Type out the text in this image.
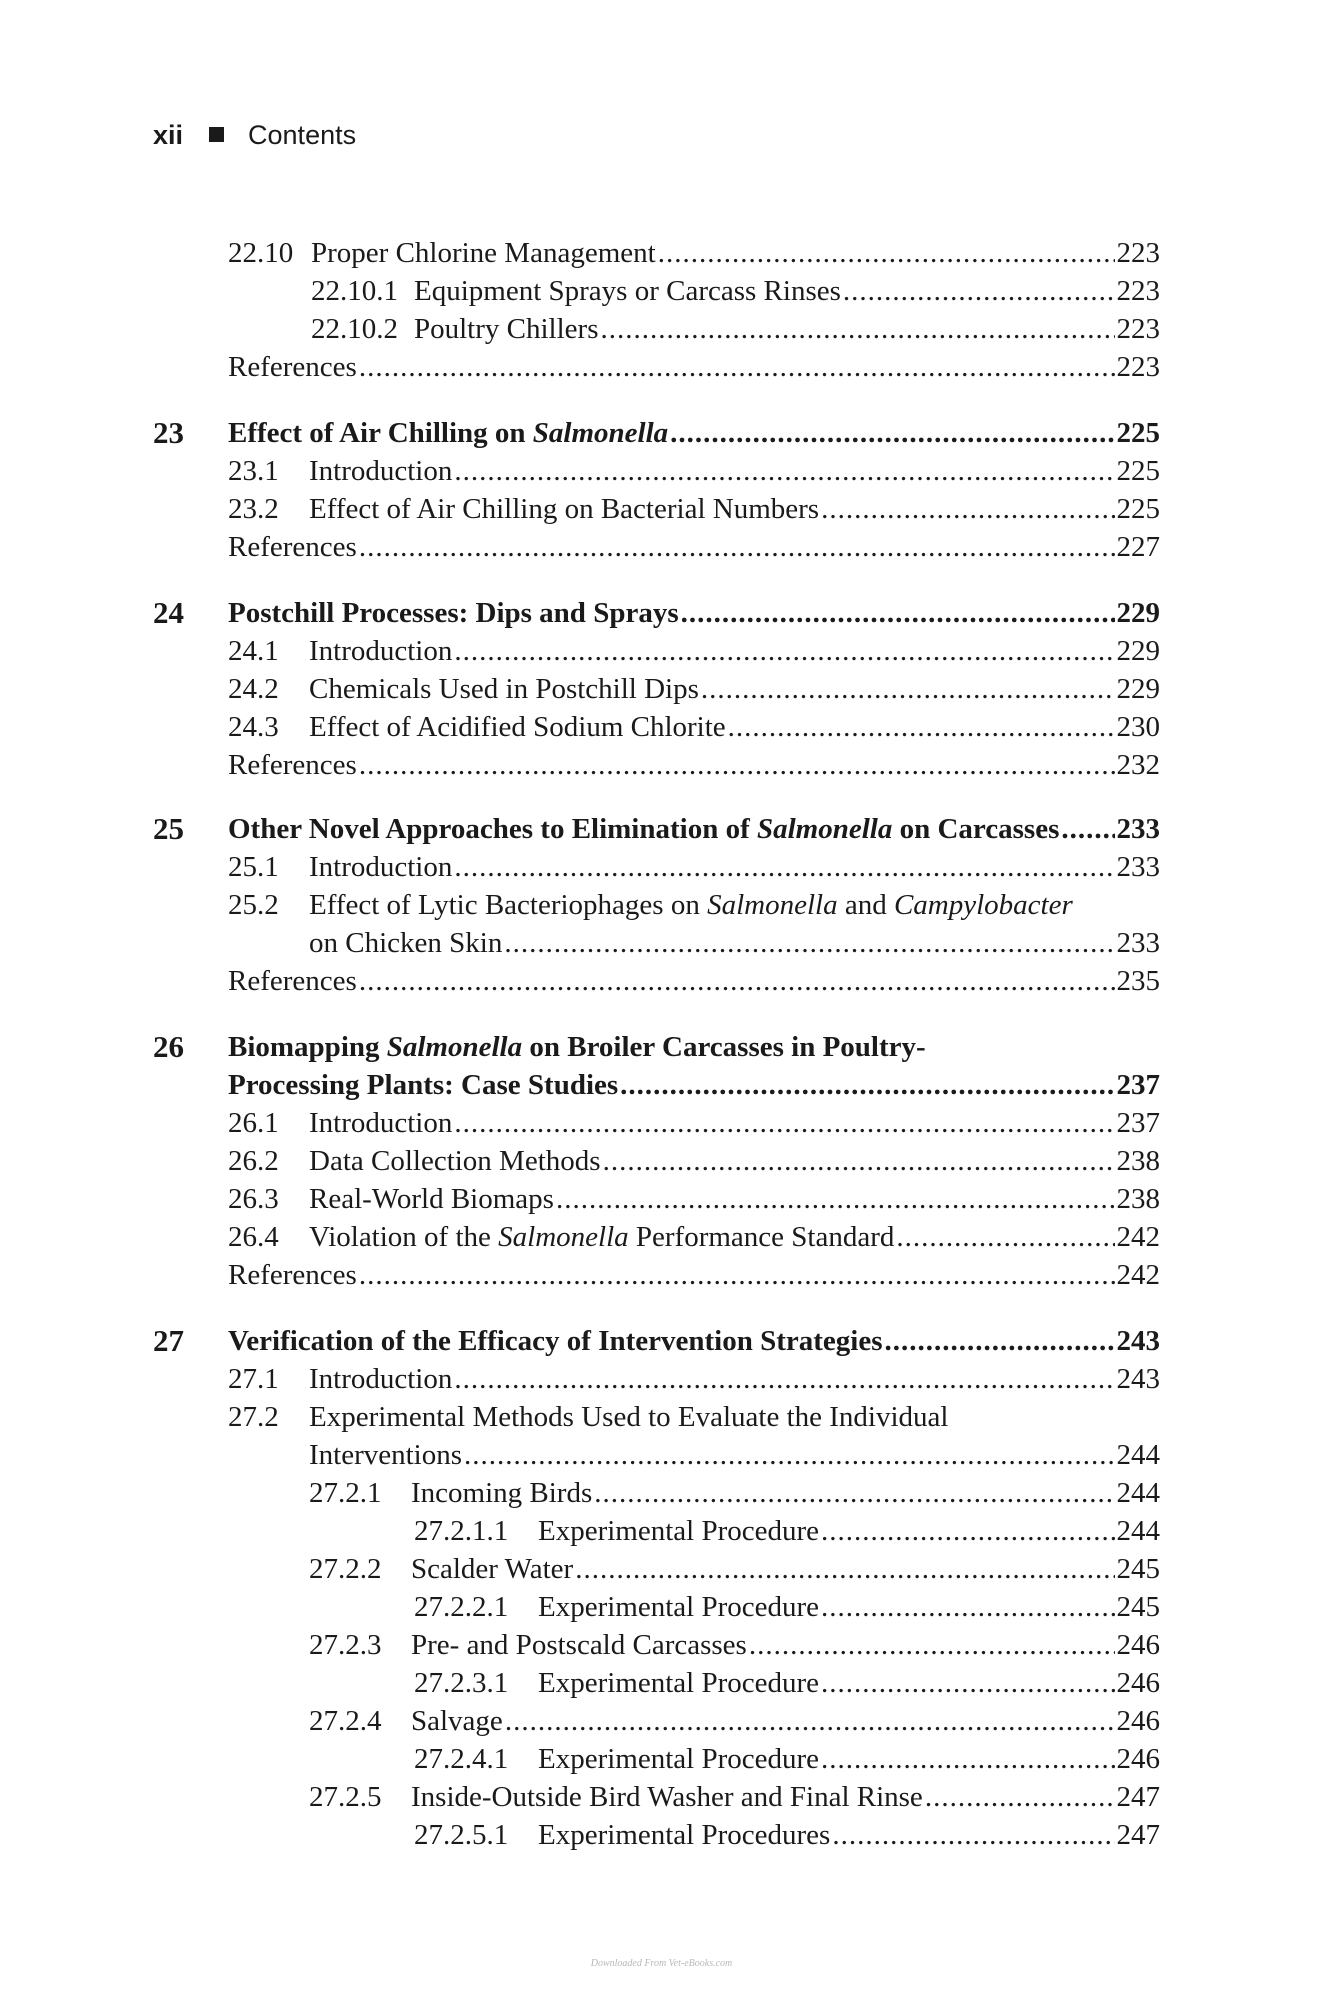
xii Contents
22.10 Proper Chlorine Management .....	223
22.10.1 Equipment Sprays or Carcass Rinses .....	223
22.10.2 Poultry Chillers .....	223
References .....	223
23	Effect of Air Chilling on Salmonella .....	225
23.1	Introduction .....	225
23.2	Effect of Air Chilling on Bacterial Numbers .....	225
References .....	227
24	Postchill Processes: Dips and Sprays .....	229
24.1	Introduction .....	229
24.2	Chemicals Used in Postchill Dips .....	229
24.3	Effect of Acidified Sodium Chlorite .....	230
References .....	232
25	Other Novel Approaches to Elimination of Salmonella on Carcasses ..... 233
25.1	Introduction .....	233
25.2	Effect of Lytic Bacteriophages on Salmonella and Campylobacter
on Chicken Skin .....	233
References .....	235
26	Biomapping Salmonella on Broiler Carcasses in Poultry-
Processing Plants: Case Studies .....	237
26.1	Introduction .....	237
26.2	Data Collection Methods .....	238
26.3	Real-World Biomaps .....	238
26.4	Violation of the Salmonella Performance Standard .....	242
References .....	242
27	Verification of the Efficacy of Intervention Strategies .....	243
27.1	Introduction .....	243
27.2	Experimental Methods Used to Evaluate the Individual
Interventions .....	244
27.2.1	Incoming Birds .....	244
27.2.1.1	Experimental Procedure .....	244
27.2.2	Scalder Water .....	245
27.2.2.1	Experimental Procedure .....	245
27.2.3	Pre- and Postscald Carcasses .....	246
27.2.3.1	Experimental Procedure .....	246
27.2.4	Salvage .....	246
27.2.4.1	Experimental Procedure .....	246
27.2.5	Inside-Outside Bird Washer and Final Rinse .....	247
27.2.5.1	Experimental Procedures .....	247
Downloaded From Vet-eBooks.com
